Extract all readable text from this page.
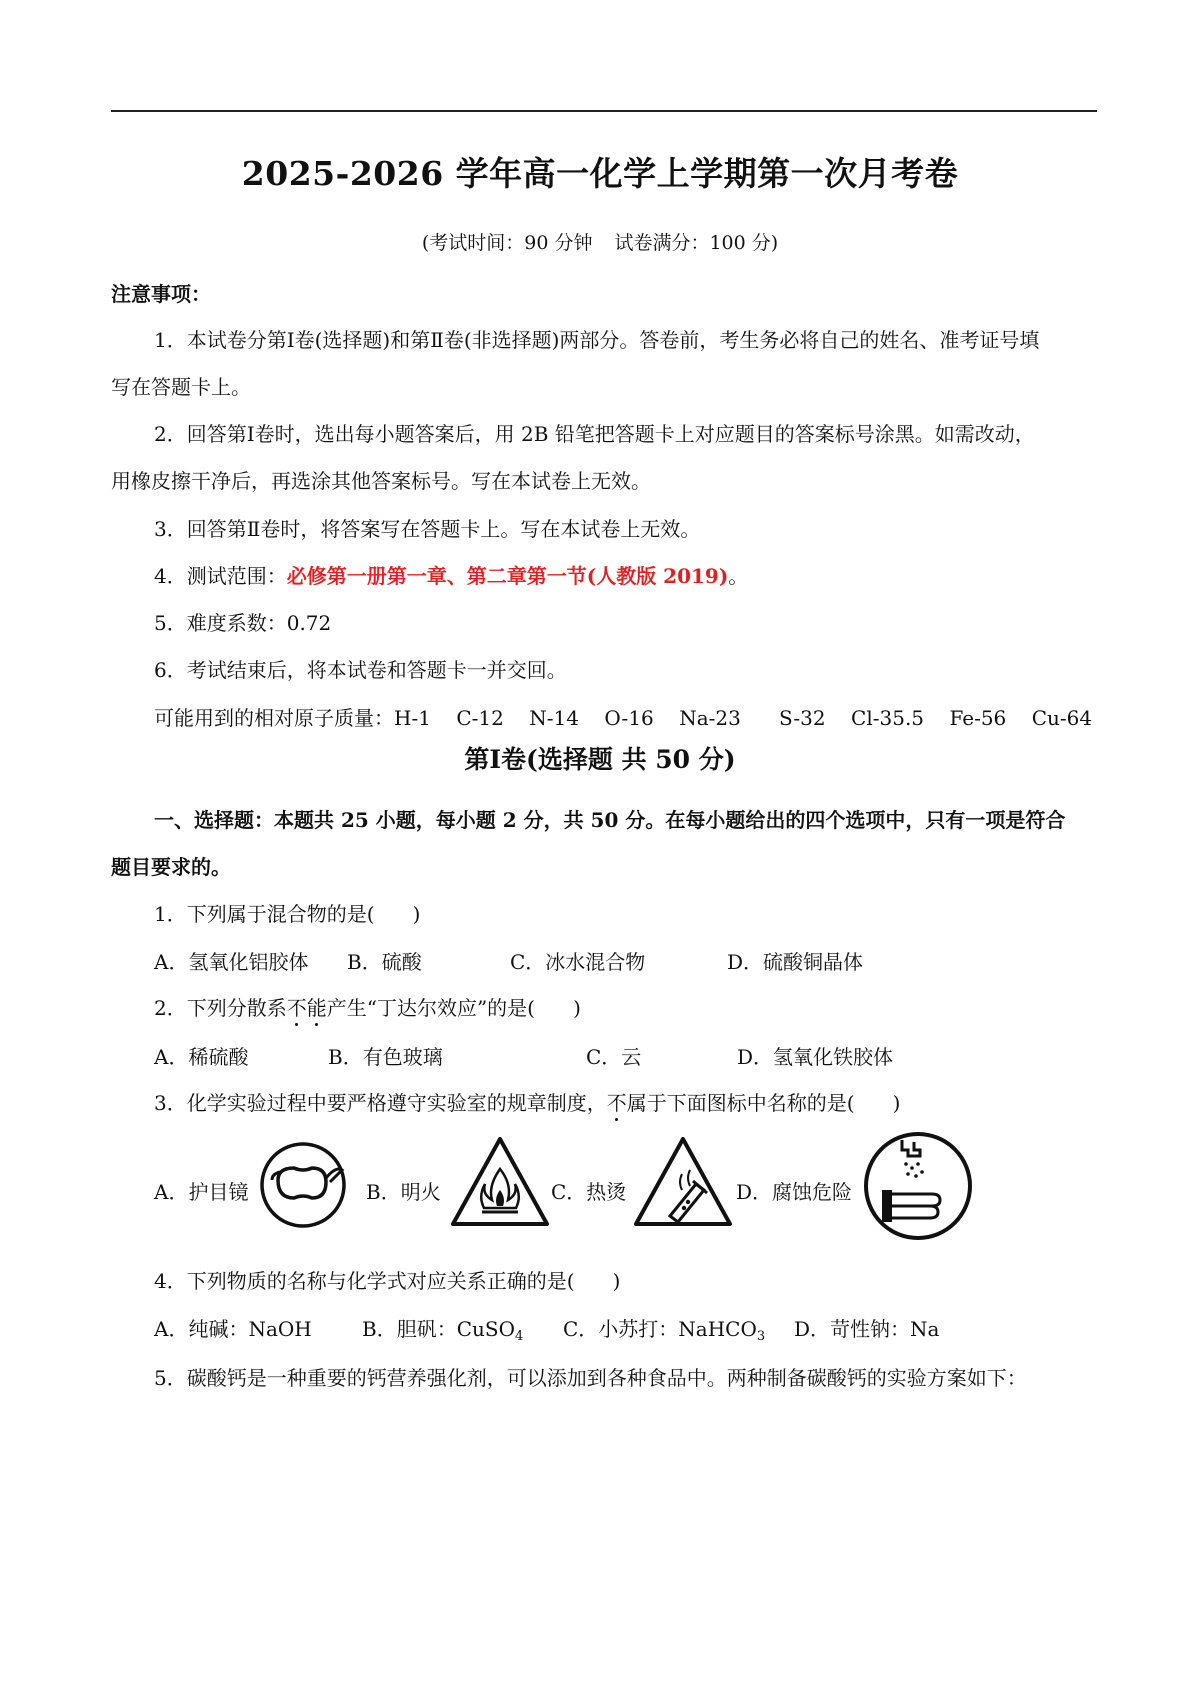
2025-2026 学年高一化学上学期第一次月考卷
(考试时间：90 分钟 试卷满分：100 分)
注意事项：
1．本试卷分第Ⅰ卷(选择题)和第Ⅱ卷(非选择题)两部分。答卷前，考生务必将自己的姓名、准考证号填
写在答题卡上。
2．回答第Ⅰ卷时，选出每小题答案后，用 2B 铅笔把答题卡上对应题目的答案标号涂黑。如需改动，
用橡皮擦干净后，再选涂其他答案标号。写在本试卷上无效。
3．回答第Ⅱ卷时，将答案写在答题卡上。写在本试卷上无效。
4．测试范围：必修第一册第一章、第二章第一节(人教版 2019)。
5．难度系数：0.72
6．考试结束后，将本试卷和答题卡一并交回。
可能用到的相对原子质量：H-1    C-12    N-14    O-16    Na-23      S-32    Cl-35.5    Fe-56    Cu-64
第Ⅰ卷(选择题 共 50 分)
一、选择题：本题共 25 小题，每小题 2 分，共 50 分。在每小题给出的四个选项中，只有一项是符合
题目要求的。
1．下列属于混合物的是(      )
A．氢氧化铝胶体 B．硫酸	C．冰水混合物	D．硫酸铜晶体
2．下列分散系不能产生“丁达尔效应”的是(      )
A．稀硫酸	B．有色玻璃	C．云	D．氢氧化铁胶体
3．化学实验过程中要严格遵守实验室的规章制度，不属于下面图标中名称的是(      )
A．护目镜	B．明火	C．热烫	D．腐蚀危险
4．下列物质的名称与化学式对应关系正确的是(      )
A．纯碱：NaOH	B．胆矾：CuSO$_4$ C．小苏打：NaHCO$_3$ D．苛性钠：Na
5．碳酸钙是一种重要的钙营养强化剂，可以添加到各种食品中。两种制备碳酸钙的实验方案如下：
